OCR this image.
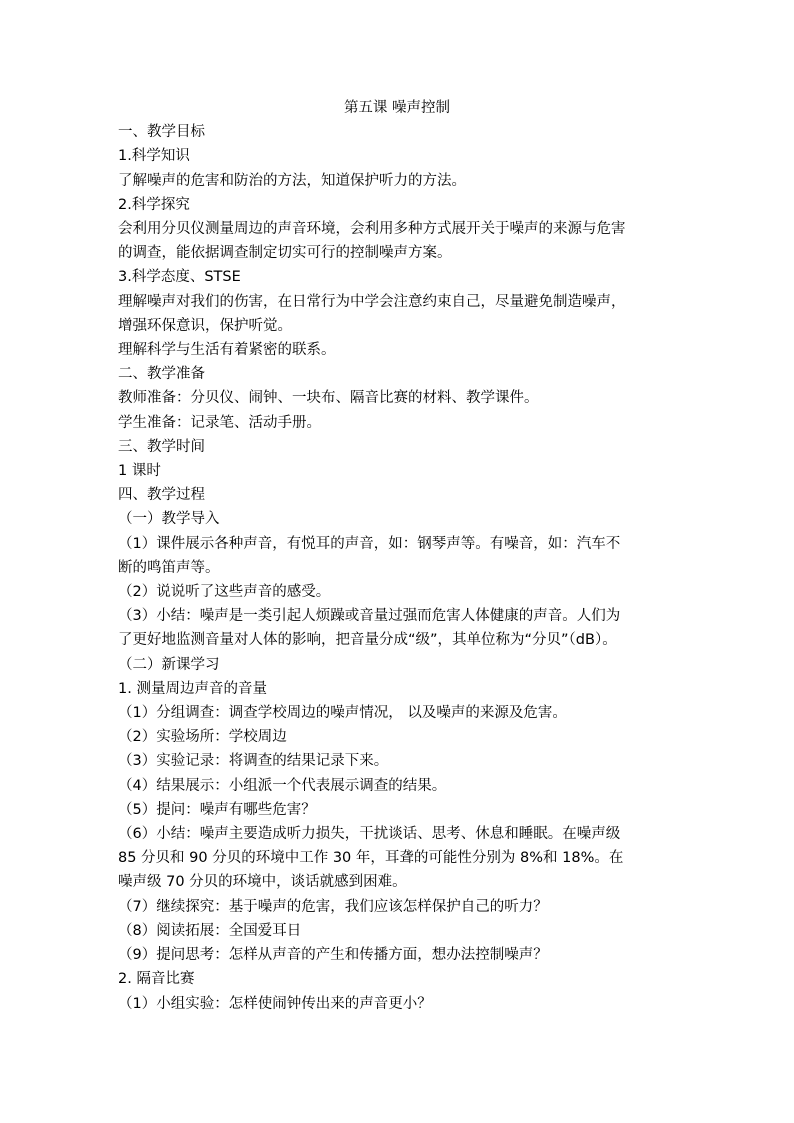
第五课 噪声控制

一、教学目标

1.科学知识

了解噪声的危害和防治的方法，知道保护听力的方法。

2.科学探究

会利用分贝仪测量周边的声音环境，会利用多种方式展开关于噪声的来源与危害

的调查，能依据调查制定切实可行的控制噪声方案。

3.科学态度、STSE

理解噪声对我们的伤害，在日常行为中学会注意约束自己，尽量避免制造噪声，

增强环保意识，保护听觉。

理解科学与生活有着紧密的联系。

二、教学准备

教师准备：分贝仪、闹钟、一块布、隔音比赛的材料、教学课件。

学生准备：记录笔、活动手册。

三、教学时间

1 课时

四、教学过程

（一）教学导入

（1）课件展示各种声音，有悦耳的声音，如：钢琴声等。有噪音，如：汽车不

断的鸣笛声等。

（2）说说听了这些声音的感受。

（3）小结：噪声是一类引起人烦躁或音量过强而危害人体健康的声音。人们为

了更好地监测音量对人体的影响，把音量分成“级”，其单位称为“分贝”（dB）。

（二）新课学习

1. 测量周边声音的音量

（1）分组调查：调查学校周边的噪声情况， 以及噪声的来源及危害。

（2）实验场所：学校周边

（3）实验记录：将调查的结果记录下来。

（4）结果展示：小组派一个代表展示调查的结果。

（5）提问：噪声有哪些危害？

（6）小结：噪声主要造成听力损失，干扰谈话、思考、休息和睡眠。在噪声级

85 分贝和 90 分贝的环境中工作 30 年，耳聋的可能性分别为 8%和 18%。在

噪声级 70 分贝的环境中，谈话就感到困难。

（7）继续探究：基于噪声的危害，我们应该怎样保护自己的听力？

（8）阅读拓展：全国爱耳日

（9）提问思考：怎样从声音的产生和传播方面，想办法控制噪声？

2. 隔音比赛

（1）小组实验：怎样使闹钟传出来的声音更小？
